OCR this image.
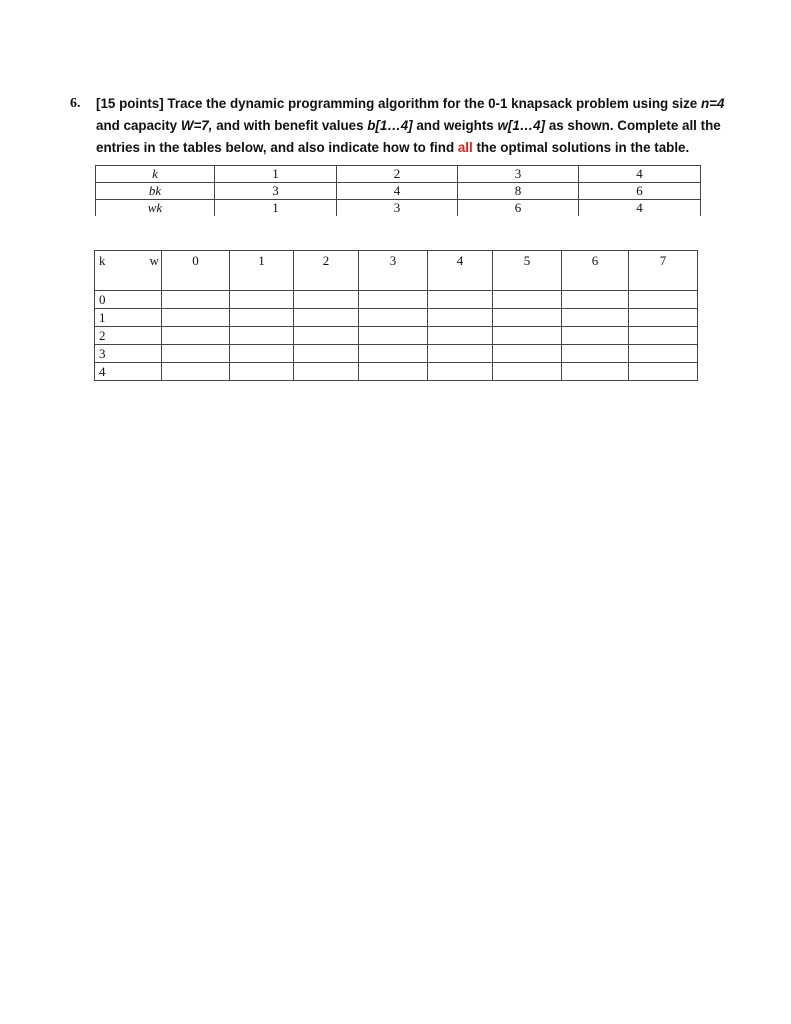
6. [15 points] Trace the dynamic programming algorithm for the 0-1 knapsack problem using size n=4 and capacity W=7, and with benefit values b[1…4] and weights w[1…4] as shown. Complete all the entries in the tables below, and also indicate how to find all the optimal solutions in the table.
k	1	2	3	4
bk	3	4	8	6
wk	1	3	6	4
k w	0	1	2	3	4	5	6	7
0								
1								
2								
3								
4								
